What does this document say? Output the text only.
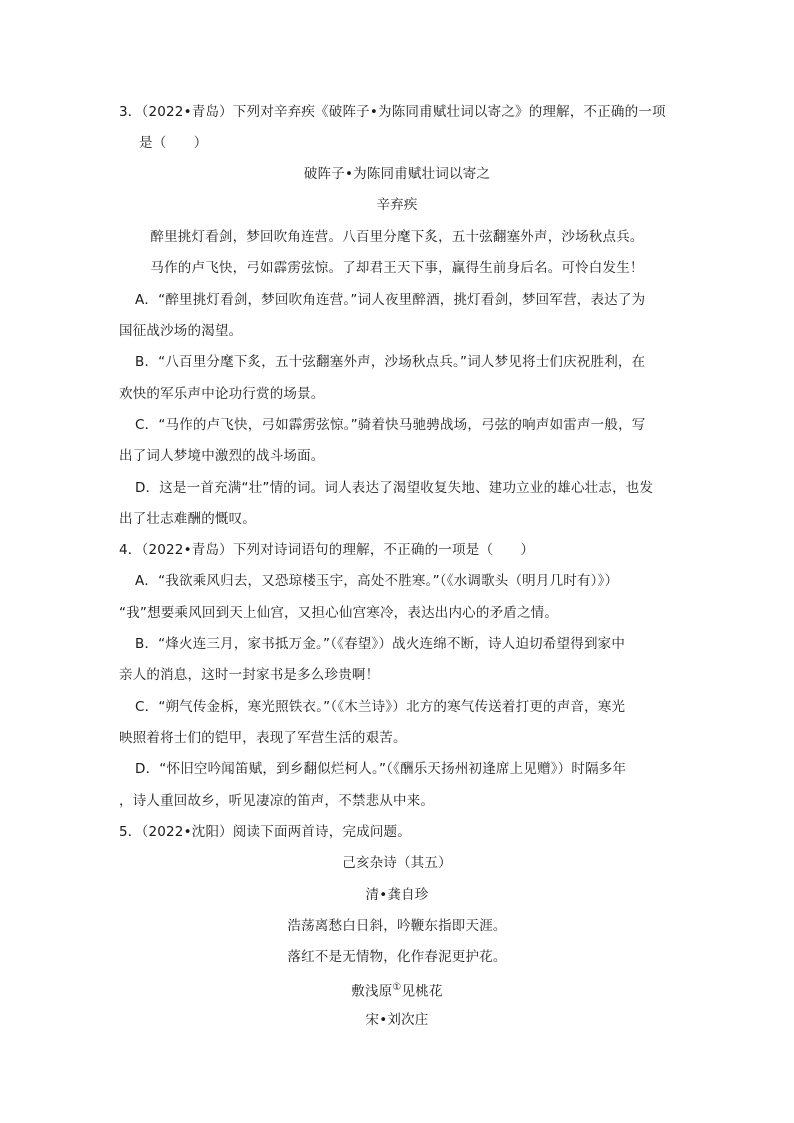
3．（2022•青岛）下列对辛弃疾《破阵子•为陈同甫赋壮词以寄之》的理解，不正确的一项
是（　　）
破阵子•为陈同甫赋壮词以寄之
辛弃疾
醉里挑灯看剑，梦回吹角连营。八百里分麾下炙，五十弦翻塞外声，沙场秋点兵。
马作的卢飞快，弓如霹雳弦惊。了却君王天下事，赢得生前身后名。可怜白发生！
A．“醉里挑灯看剑，梦回吹角连营。”词人夜里醉酒，挑灯看剑，梦回军营，表达了为
国征战沙场的渴望。
B．“八百里分麾下炙，五十弦翻塞外声，沙场秋点兵。”词人梦见将士们庆祝胜利，在
欢快的军乐声中论功行赏的场景。
C．“马作的卢飞快，弓如霹雳弦惊。”骑着快马驰骋战场，弓弦的响声如雷声一般，写
出了词人梦境中激烈的战斗场面。
D．这是一首充满“壮”情的词。词人表达了渴望收复失地、建功立业的雄心壮志，也发
出了壮志难酬的慨叹。
4．（2022•青岛）下列对诗词语句的理解，不正确的一项是（　　）
A．“我欲乘风归去，又恐琼楼玉宇，高处不胜寒。”（《水调歌头（明月几时有）》）
“我”想要乘风回到天上仙宫，又担心仙宫寒冷，表达出内心的矛盾之情。
B．“烽火连三月，家书抵万金。”（《春望》）战火连绵不断，诗人迫切希望得到家中
亲人的消息，这时一封家书是多么珍贵啊！
C．“朔气传金柝，寒光照铁衣。”（《木兰诗》）北方的寒气传送着打更的声音，寒光
映照着将士们的铠甲，表现了军营生活的艰苦。
D．“怀旧空吟闻笛赋，到乡翻似烂柯人。”（《酬乐天扬州初逢席上见赠》）时隔多年
，诗人重回故乡，听见凄凉的笛声，不禁悲从中来。
5．（2022•沈阳）阅读下面两首诗，完成问题。
己亥杂诗（其五）
清•龚自珍
浩荡离愁白日斜，吟鞭东指即天涯。
落红不是无情物，化作春泥更护花。
敷浅原①见桃花
宋•刘次庄
